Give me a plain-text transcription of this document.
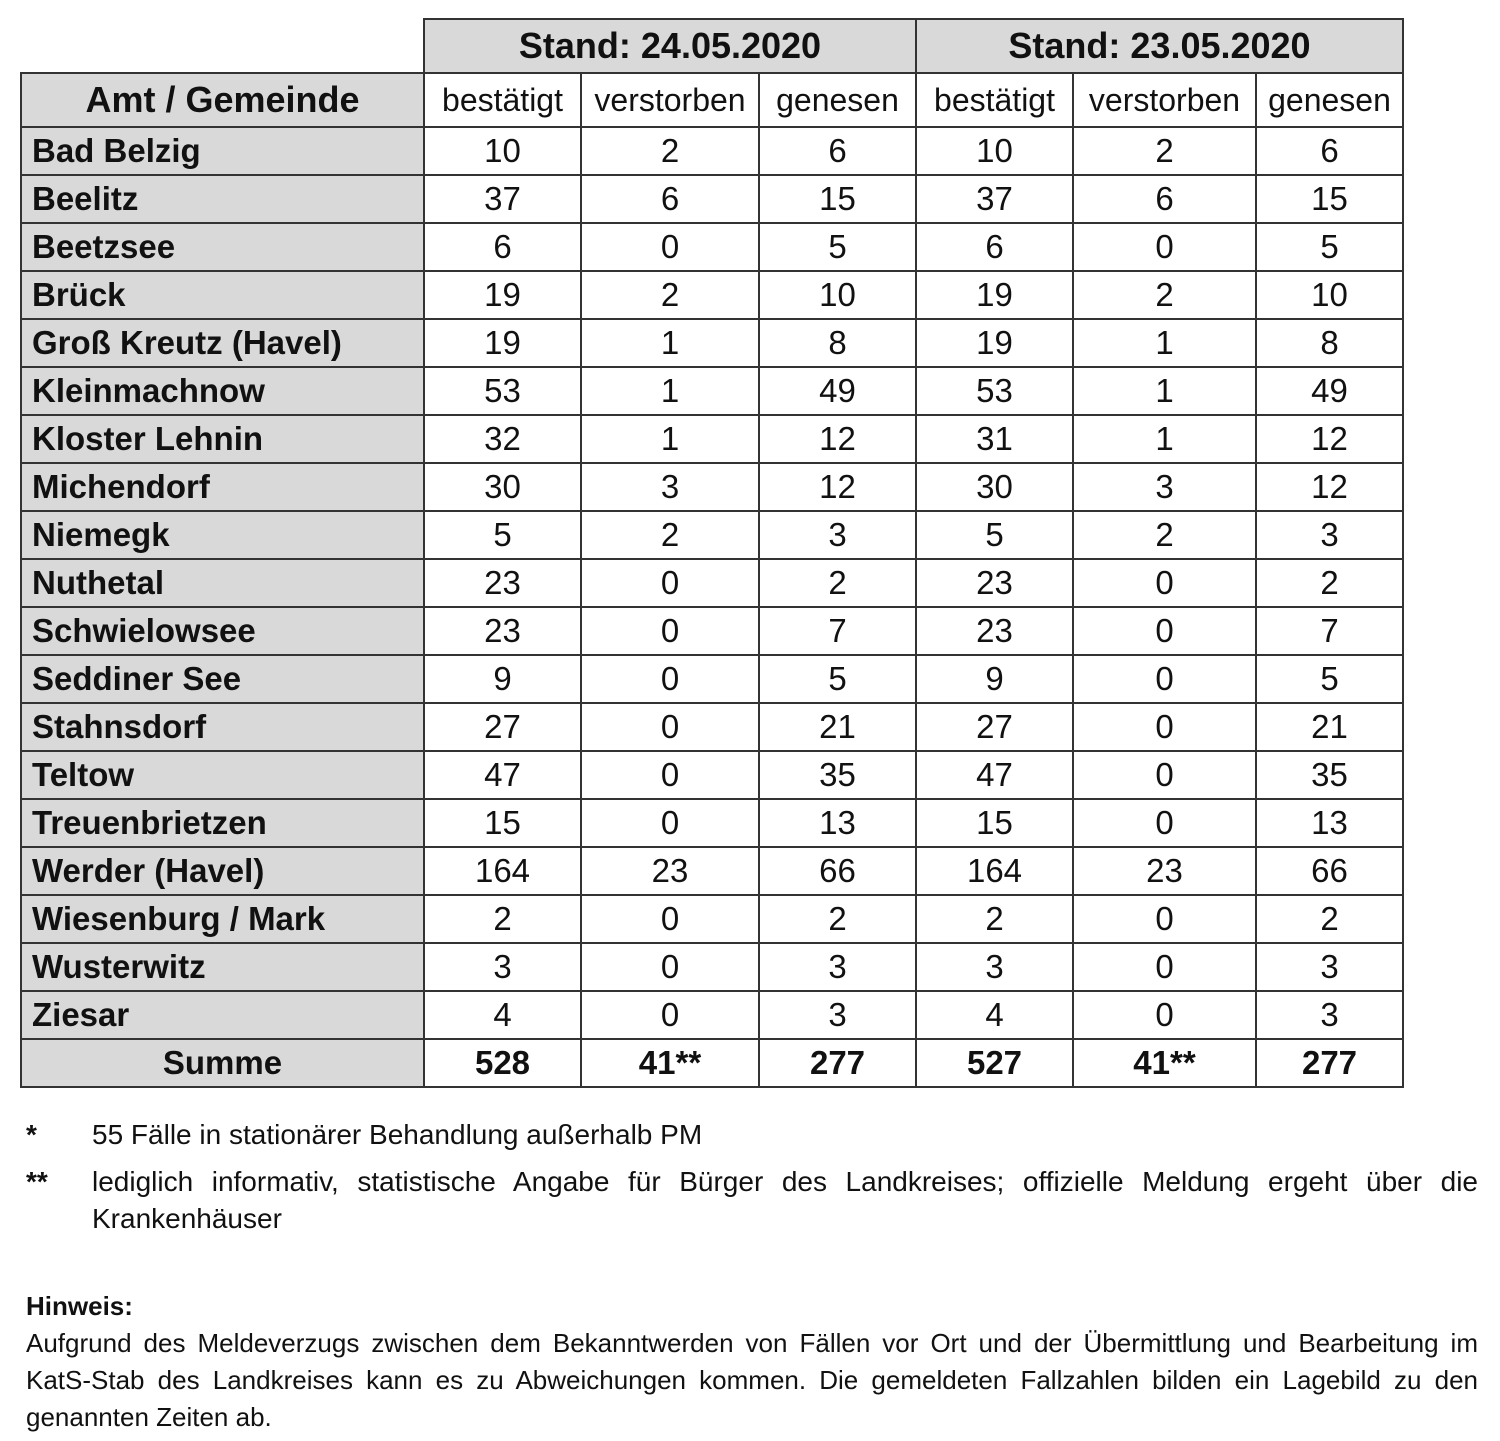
	Stand: 24.05.2020			Stand: 23.05.2020		
Amt / Gemeinde	bestätigt	verstorben	genesen	bestätigt	verstorben	genesen
Bad Belzig	10	2	6	10	2	6
Beelitz	37	6	15	37	6	15
Beetzsee	6	0	5	6	0	5
Brück	19	2	10	19	2	10
Groß Kreutz (Havel)	19	1	8	19	1	8
Kleinmachnow	53	1	49	53	1	49
Kloster Lehnin	32	1	12	31	1	12
Michendorf	30	3	12	30	3	12
Niemegk	5	2	3	5	2	3
Nuthetal	23	0	2	23	0	2
Schwielowsee	23	0	7	23	0	7
Seddiner See	9	0	5	9	0	5
Stahnsdorf	27	0	21	27	0	21
Teltow	47	0	35	47	0	35
Treuenbrietzen	15	0	13	15	0	13
Werder (Havel)	164	23	66	164	23	66
Wiesenburg / Mark	2	0	2	2	0	2
Wusterwitz	3	0	3	3	0	3
Ziesar	4	0	3	4	0	3
Summe	528	41**	277	527	41**	277
*	55 Fälle in stationärer Behandlung außerhalb PM
**	lediglich informativ, statistische Angabe für Bürger des Landkreises; offizielle Meldung ergeht über die Krankenhäuser
Hinweis:
Aufgrund des Meldeverzugs zwischen dem Bekanntwerden von Fällen vor Ort und der Übermittlung und Bearbeitung im KatS-Stab des Landkreises kann es zu Abweichungen kommen. Die gemeldeten Fallzahlen bilden ein Lagebild zu den genannten Zeiten ab.
